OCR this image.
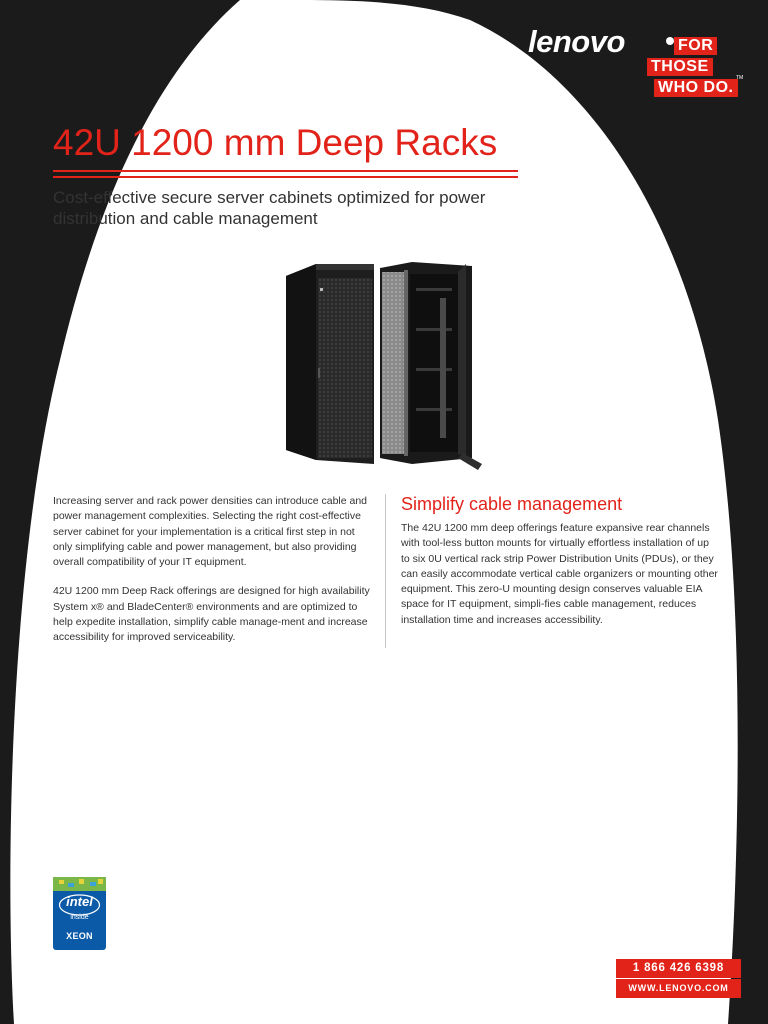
lenovo	FOR
THOSE
WHO DO.
TM
42U 1200 mm Deep Racks
Cost-effective secure server cabinets optimized for power distribution and cable management

Increasing server and rack power densities can introduce cable and power management complexities. Selecting the right cost-effective server cabinet for your implementation is a critical first step in not only simplifying cable and power management, but also providing overall compatibility of your IT equipment.

42U 1200 mm Deep Rack offerings are designed for high availability System x® and BladeCenter® environments and are optimized to help expedite installation, simplify cable manage-ment and increase accessibility for improved serviceability.

Simplify cable management

The 42U 1200 mm deep offerings feature expansive rear channels with tool-less button mounts for virtually effortless installation of up to six 0U vertical rack strip Power Distribution Units (PDUs), or they can easily accommodate vertical cable organizers or mounting other equipment. This zero-U mounting design conserves valuable EIA space for IT equipment, simpli-fies cable management, reduces installation time and increases accessibility.

intel
inside
XEON
1 866 426 6398
WWW.LENOVO.COM
